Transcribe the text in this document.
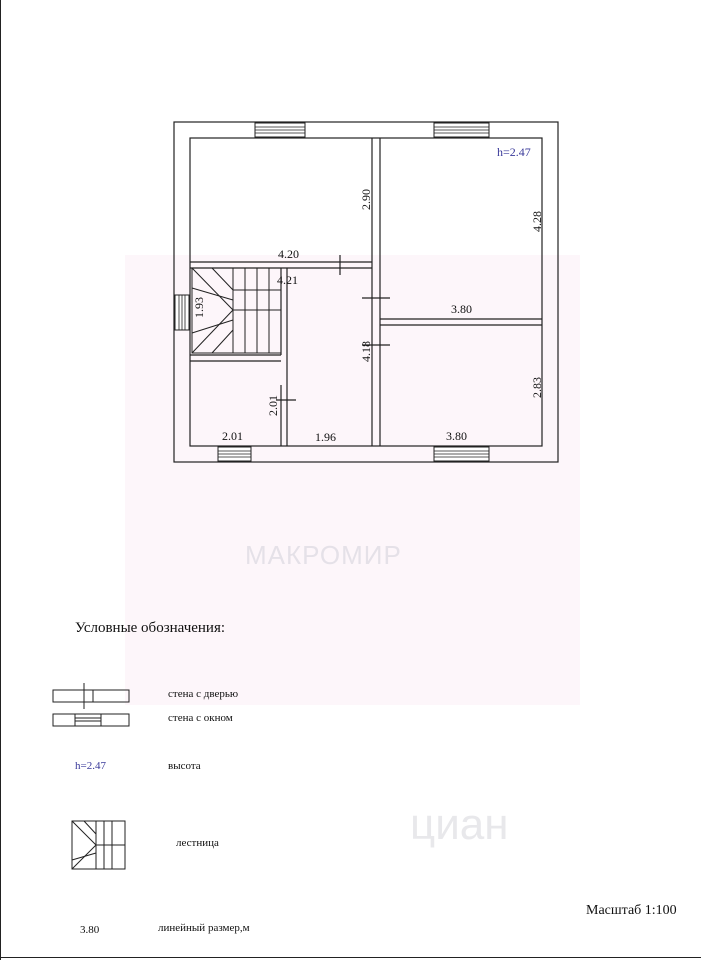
МАКРОМИР
циан
h=2.47
4.20
2.90
4.28
3.80
4.21
1.93
4.18
2.01
2.01	1.96
2.83
3.80
Условные обозначения:
стена с дверью
стена с окном
h=2.47	высота
лестница
3.80	линейный размер,м
Масштаб 1:100
